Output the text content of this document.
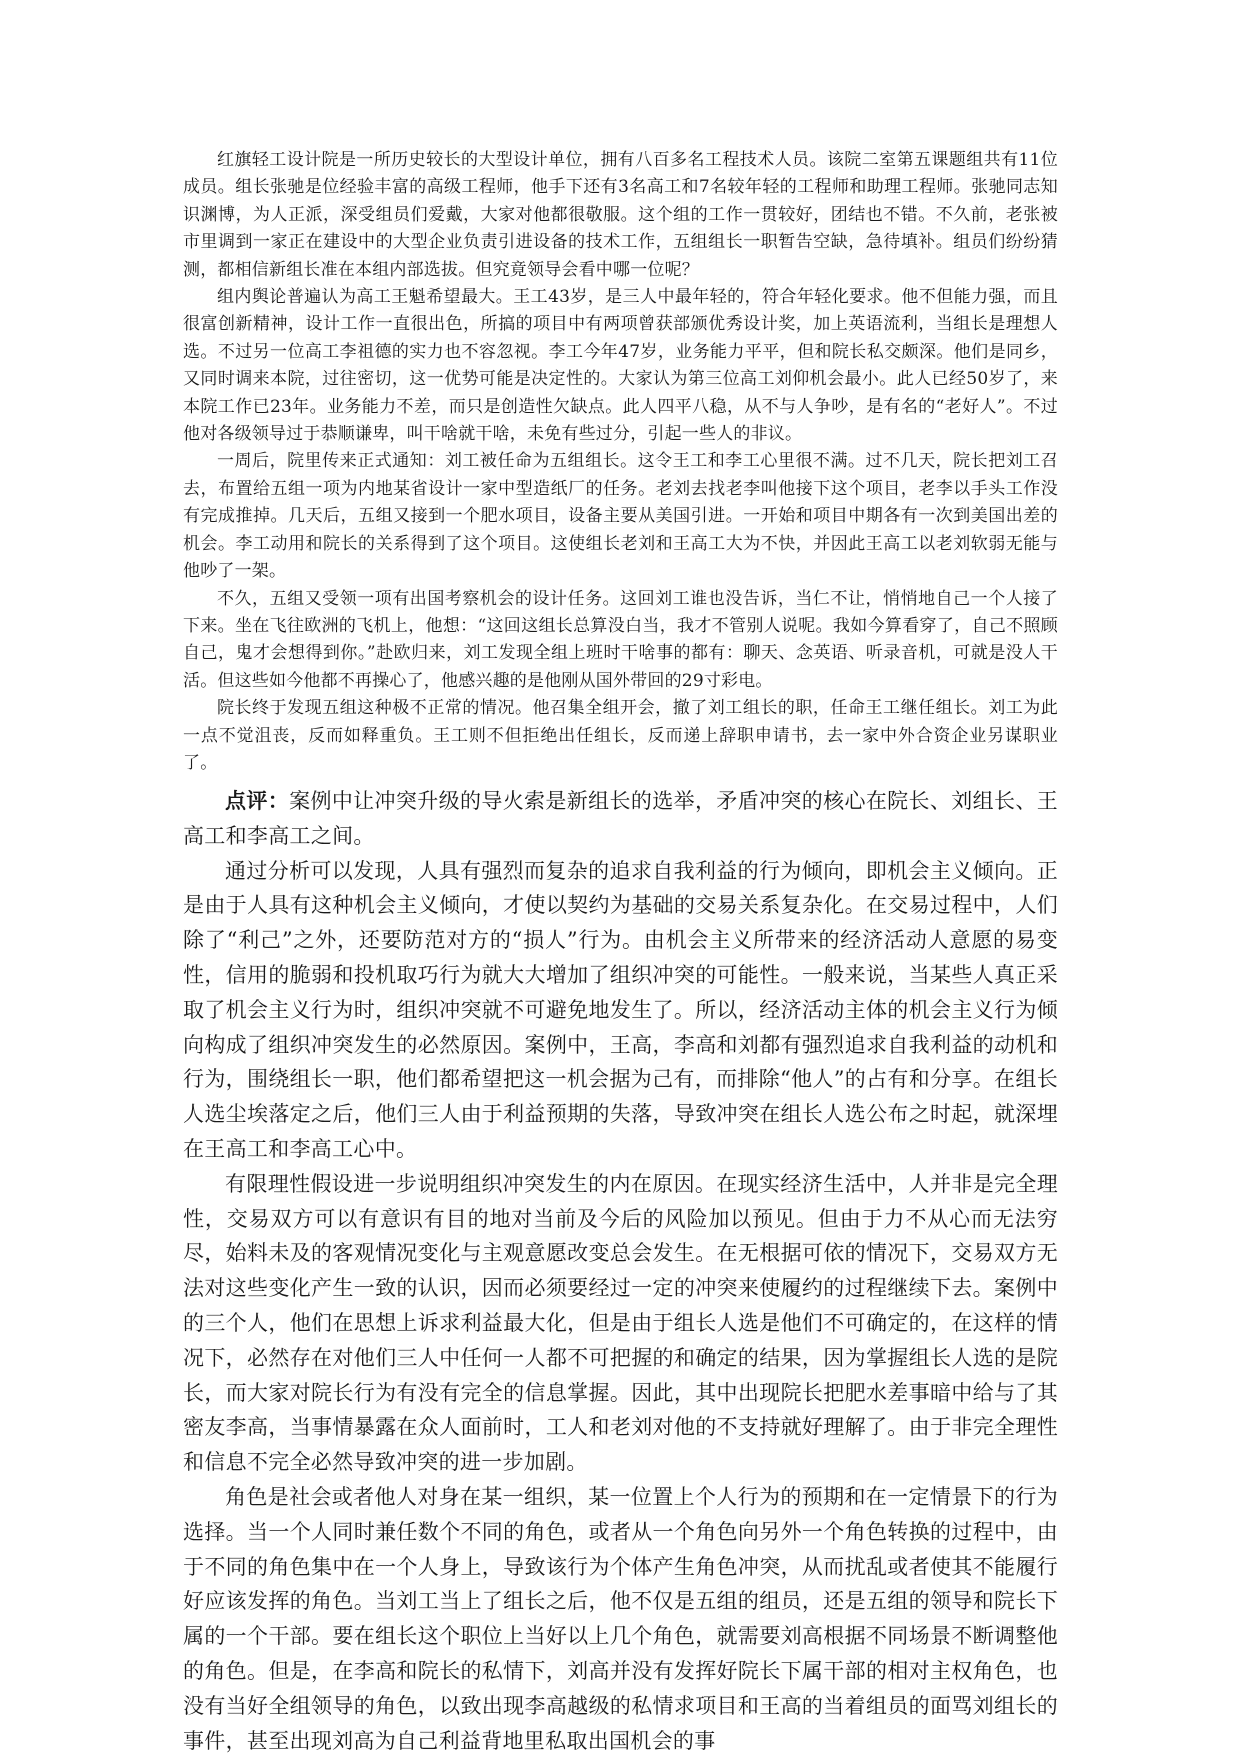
红旗轻工设计院是一所历史较长的大型设计单位，拥有八百多名工程技术人员。该院二室第五课题组共有11位成员。组长张驰是位经验丰富的高级工程师，他手下还有3名高工和7名较年轻的工程师和助理工程师。张驰同志知识渊博，为人正派，深受组员们爱戴，大家对他都很敬服。这个组的工作一贯较好，团结也不错。不久前，老张被市里调到一家正在建设中的大型企业负责引进设备的技术工作，五组组长一职暂告空缺，急待填补。组员们纷纷猜测，都相信新组长准在本组内部选拔。但究竟领导会看中哪一位呢？

组内舆论普遍认为高工王魁希望最大。王工43岁，是三人中最年轻的，符合年轻化要求。他不但能力强，而且很富创新精神，设计工作一直很出色，所搞的项目中有两项曾获部颁优秀设计奖，加上英语流利，当组长是理想人选。不过另一位高工李祖德的实力也不容忽视。李工今年47岁，业务能力平平，但和院长私交颇深。他们是同乡，又同时调来本院，过往密切，这一优势可能是决定性的。大家认为第三位高工刘仰机会最小。此人已经50岁了，来本院工作已23年。业务能力不差，而只是创造性欠缺点。此人四平八稳，从不与人争吵，是有名的“老好人”。不过他对各级领导过于恭顺谦卑，叫干啥就干啥，未免有些过分，引起一些人的非议。

一周后，院里传来正式通知：刘工被任命为五组组长。这令王工和李工心里很不满。过不几天，院长把刘工召去，布置给五组一项为内地某省设计一家中型造纸厂的任务。老刘去找老李叫他接下这个项目，老李以手头工作没有完成推掉。几天后，五组又接到一个肥水项目，设备主要从美国引进。一开始和项目中期各有一次到美国出差的机会。李工动用和院长的关系得到了这个项目。这使组长老刘和王高工大为不快，并因此王高工以老刘软弱无能与他吵了一架。

不久，五组又受领一项有出国考察机会的设计任务。这回刘工谁也没告诉，当仁不让，悄悄地自己一个人接了下来。坐在飞往欧洲的飞机上，他想：“这回这组长总算没白当，我才不管别人说呢。我如今算看穿了，自己不照顾自己，鬼才会想得到你。”赴欧归来，刘工发现全组上班时干啥事的都有：聊天、念英语、听录音机，可就是没人干活。但这些如今他都不再操心了，他感兴趣的是他刚从国外带回的29寸彩电。

院长终于发现五组这种极不正常的情况。他召集全组开会，撤了刘工组长的职，任命王工继任组长。刘工为此一点不觉沮丧，反而如释重负。王工则不但拒绝出任组长，反而递上辞职申请书，去一家中外合资企业另谋职业了。

点评：案例中让冲突升级的导火索是新组长的选举，矛盾冲突的核心在院长、刘组长、王高工和李高工之间。

通过分析可以发现，人具有强烈而复杂的追求自我利益的行为倾向，即机会主义倾向。正是由于人具有这种机会主义倾向，才使以契约为基础的交易关系复杂化。在交易过程中，人们除了“利己”之外，还要防范对方的“损人”行为。由机会主义所带来的经济活动人意愿的易变性，信用的脆弱和投机取巧行为就大大增加了组织冲突的可能性。一般来说，当某些人真正采取了机会主义行为时，组织冲突就不可避免地发生了。所以，经济活动主体的机会主义行为倾向构成了组织冲突发生的必然原因。案例中，王高，李高和刘都有强烈追求自我利益的动机和行为，围绕组长一职，他们都希望把这一机会据为己有，而排除“他人”的占有和分享。在组长人选尘埃落定之后，他们三人由于利益预期的失落，导致冲突在组长人选公布之时起，就深埋在王高工和李高工心中。

有限理性假设进一步说明组织冲突发生的内在原因。在现实经济生活中，人并非是完全理性，交易双方可以有意识有目的地对当前及今后的风险加以预见。但由于力不从心而无法穷尽，始料未及的客观情况变化与主观意愿改变总会发生。在无根据可依的情况下，交易双方无法对这些变化产生一致的认识，因而必须要经过一定的冲突来使履约的过程继续下去。案例中的三个人，他们在思想上诉求利益最大化，但是由于组长人选是他们不可确定的，在这样的情况下，必然存在对他们三人中任何一人都不可把握的和确定的结果，因为掌握组长人选的是院长，而大家对院长行为有没有完全的信息掌握。因此，其中出现院长把肥水差事暗中给与了其密友李高，当事情暴露在众人面前时，工人和老刘对他的不支持就好理解了。由于非完全理性和信息不完全必然导致冲突的进一步加剧。

角色是社会或者他人对身在某一组织，某一位置上个人行为的预期和在一定情景下的行为选择。当一个人同时兼任数个不同的角色，或者从一个角色向另外一个角色转换的过程中，由于不同的角色集中在一个人身上，导致该行为个体产生角色冲突，从而扰乱或者使其不能履行好应该发挥的角色。当刘工当上了组长之后，他不仅是五组的组员，还是五组的领导和院长下属的一个干部。要在组长这个职位上当好以上几个角色，就需要刘高根据不同场景不断调整他的角色。但是，在李高和院长的私情下，刘高并没有发挥好院长下属干部的相对主权角色，也没有当好全组领导的角色，以致出现李高越级的私情求项目和王高的当着组员的面骂刘组长的事件，甚至出现刘高为自己利益背地里私取出国机会的事
